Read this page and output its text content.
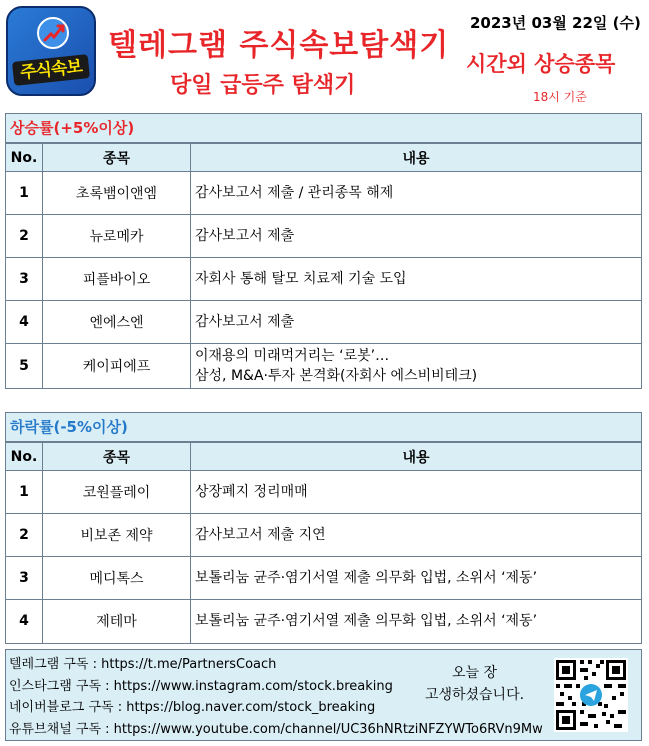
주식속보
텔레그램 주식속보탐색기
당일 급등주 탐색기
2023년 03월 22일 (수)
시간외 상승종목
18시 기준
상승률(+5%이상)
No.	종목	내용
1	초록뱀이앤엠	감사보고서 제출 / 관리종목 해제
2	뉴로메카	감사보고서 제출
3	피플바이오	자회사 통해 탈모 치료제 기술 도입
4	엔에스엔	감사보고서 제출
5	케이피에프	이재용의 미래먹거리는 ‘로봇’…
삼성, M&A·투자 본격화(자회사 에스비비테크)
하락률(-5%이상)
No.	종목	내용
1	코원플레이	상장폐지 정리매매
2	비보존 제약	감사보고서 제출 지연
3	메디톡스	보톨리눔 균주·염기서열 제출 의무화 입법, 소위서 ‘제동’
4	제테마	보톨리눔 균주·염기서열 제출 의무화 입법, 소위서 ‘제동’
텔레그램 구독 : https://t.me/PartnersCoach
인스타그램 구독 : https://www.instagram.com/stock.breaking
네이버블로그 구독 : https://blog.naver.com/stock_breaking
유튜브채널 구독 : https://www.youtube.com/channel/UC36hNRtziNFZYWTo6RVn9Mw
오늘 장
고생하셨습니다.
